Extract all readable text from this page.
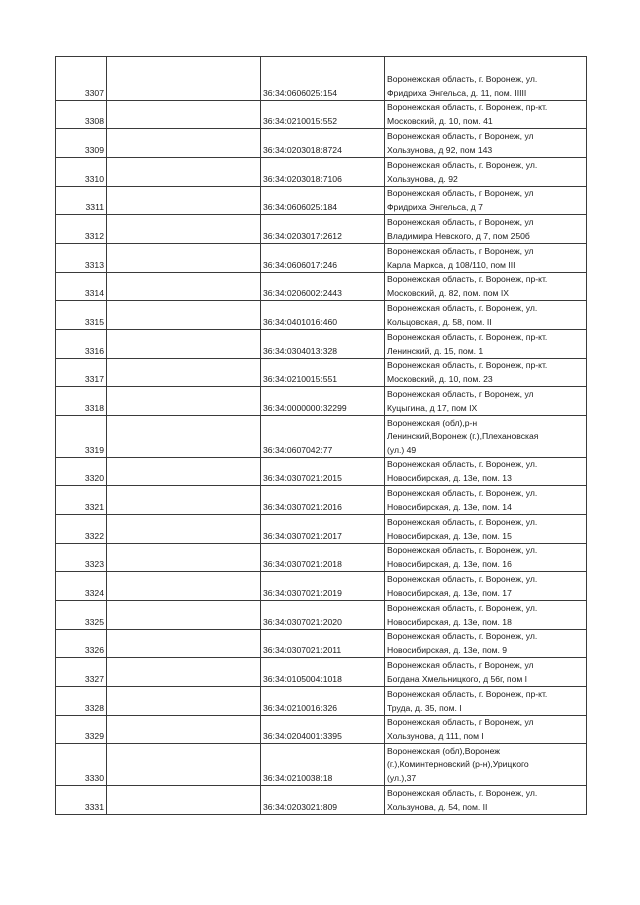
3307		36:34:0606025:154	Воронежская область, г. Воронеж, ул.
Фридриха Энгельса, д. 11, пом. IIIII

3308		36:34:0210015:552	Воронежская область, г. Воронеж, пр-кт.
Московский, д. 10, пом. 41

3309		36:34:0203018:8724	Воронежская область, г Воронеж, ул
Хользунова, д 92, пом 143

3310		36:34:0203018:7106	Воронежская область, г. Воронеж, ул.
Хользунова, д. 92

3311		36:34:0606025:184	Воронежская область, г Воронеж, ул
Фридриха Энгельса, д 7

3312		36:34:0203017:2612	Воронежская область, г Воронеж, ул
Владимира Невского, д 7, пом 250б

3313		36:34:0606017:246	Воронежская область, г Воронеж, ул
Карла Маркса, д 108/110, пом III

3314		36:34:0206002:2443	Воронежская область, г. Воронеж, пр-кт.
Московский, д. 82, пом. пом IX

3315		36:34:0401016:460	Воронежская область, г. Воронеж, ул.
Кольцовская, д. 58, пом. II

3316		36:34:0304013:328	Воронежская область, г. Воронеж, пр-кт.
Ленинский, д. 15, пом. 1

3317		36:34:0210015:551	Воронежская область, г. Воронеж, пр-кт.
Московский, д. 10, пом. 23

3318		36:34:0000000:32299	Воронежская область, г Воронеж, ул
Куцыгина, д 17, пом IX

3319		36:34:0607042:77	Воронежская (обл),р-н
Ленинский,Воронеж (г.),Плехановская
(ул.) 49

3320		36:34:0307021:2015	Воронежская область, г. Воронеж, ул.
Новосибирская, д. 13е, пом. 13

3321		36:34:0307021:2016	Воронежская область, г. Воронеж, ул.
Новосибирская, д. 13е, пом. 14

3322		36:34:0307021:2017	Воронежская область, г. Воронеж, ул.
Новосибирская, д. 13е, пом. 15

3323		36:34:0307021:2018	Воронежская область, г. Воронеж, ул.
Новосибирская, д. 13е, пом. 16

3324		36:34:0307021:2019	Воронежская область, г. Воронеж, ул.
Новосибирская, д. 13е, пом. 17

3325		36:34:0307021:2020	Воронежская область, г. Воронеж, ул.
Новосибирская, д. 13е, пом. 18

3326		36:34:0307021:2011	Воронежская область, г. Воронеж, ул.
Новосибирская, д. 13е, пом. 9

3327		36:34:0105004:1018	Воронежская область, г Воронеж, ул
Богдана Хмельницкого, д 56г, пом I

3328		36:34:0210016:326	Воронежская область, г. Воронеж, пр-кт.
Труда, д. 35, пом. I

3329		36:34:0204001:3395	Воронежская область, г Воронеж, ул
Хользунова, д 111, пом I

3330		36:34:0210038:18	Воронежская (обл),Воронеж
(г.),Коминтерновский (р-н),Урицкого
(ул.),37

3331		36:34:0203021:809	Воронежская область, г. Воронеж, ул.
Хользунова, д. 54, пом. II
